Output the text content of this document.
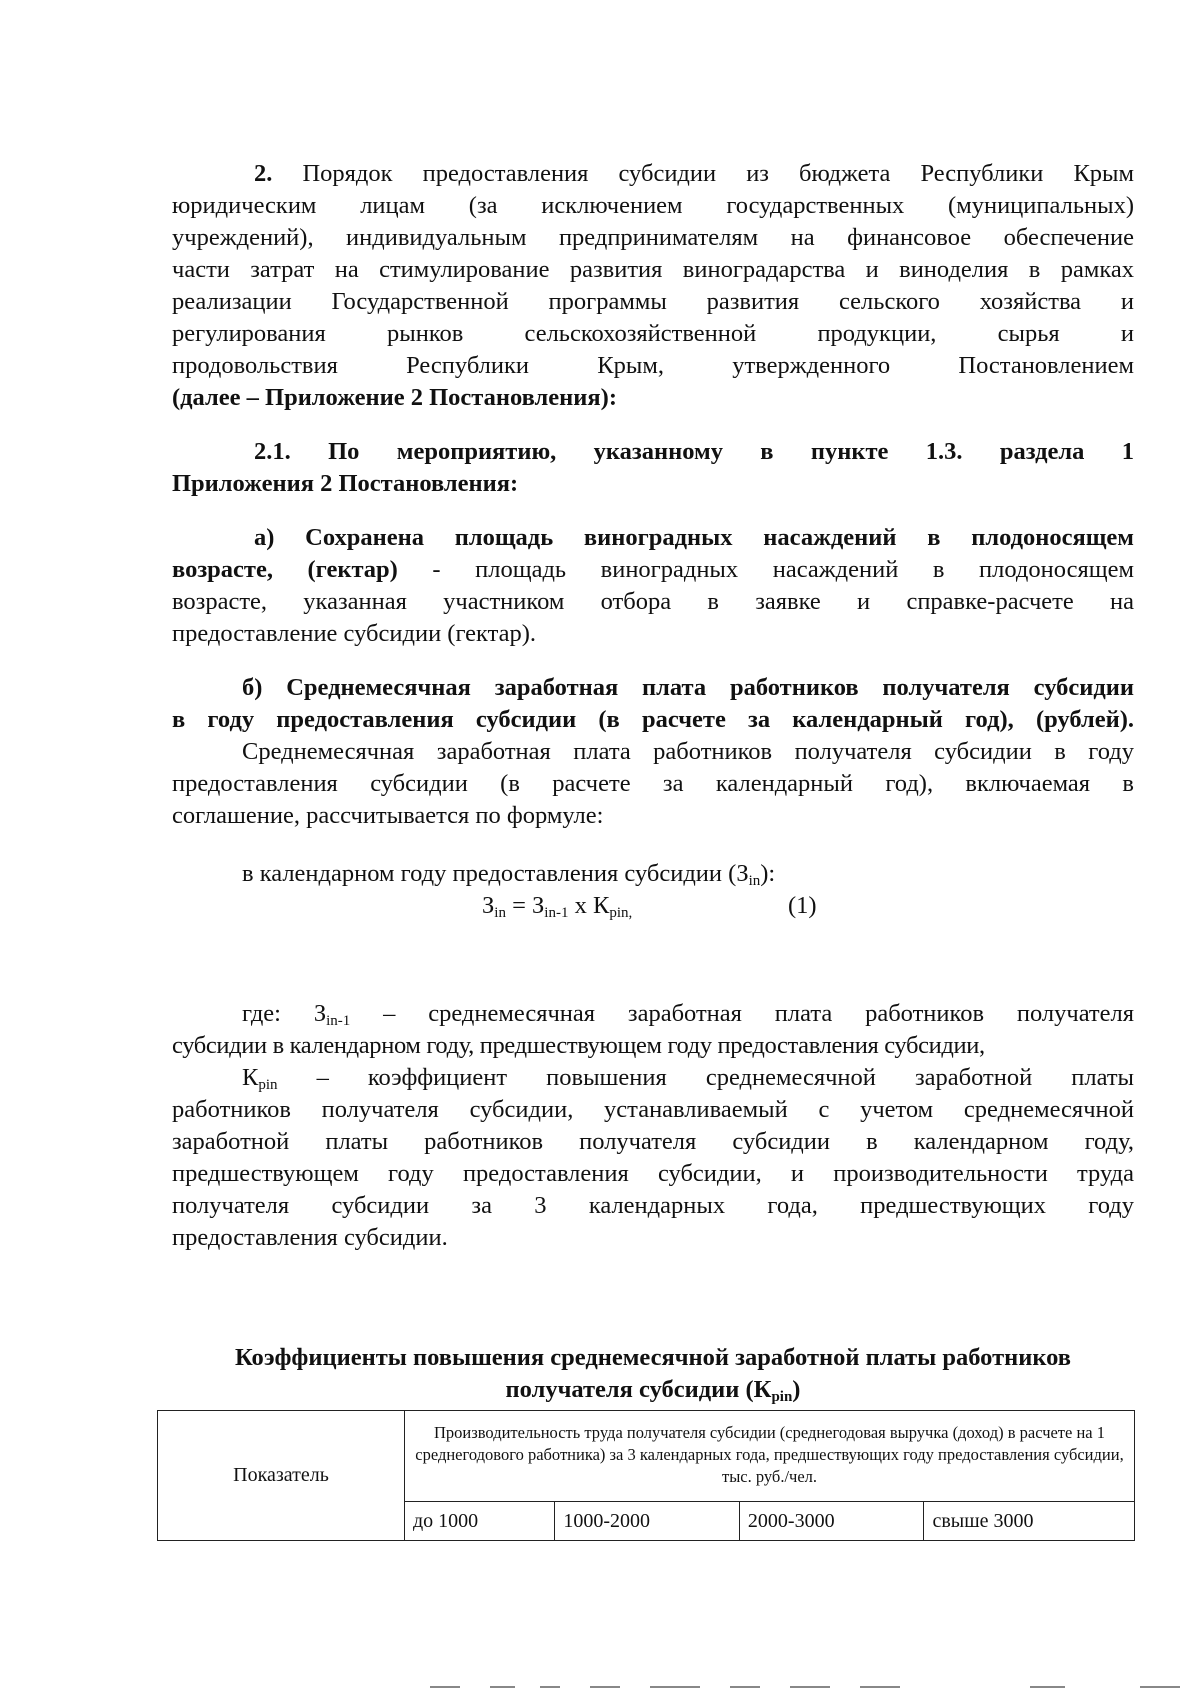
2. Порядок предоставления субсидии из бюджета Республики Крым
юридическим лицам (за исключением государственных (муниципальных)
учреждений), индивидуальным предпринимателям на финансовое обеспечение
части затрат на стимулирование развития виноградарства и виноделия в рамках
реализации Государственной программы развития сельского хозяйства и
регулирования рынков сельскохозяйственной продукции, сырья и
продовольствия Республики Крым, утвержденного Постановлением
(далее – Приложение 2 Постановления):
2.1. По мероприятию, указанному в пункте 1.3. раздела 1
Приложения 2 Постановления:
а) Сохранена площадь виноградных насаждений в плодоносящем
возрасте, (гектар) - площадь виноградных насаждений в плодоносящем
возрасте, указанная участником отбора в заявке и справке-расчете на
предоставление субсидии (гектар).
б) Среднемесячная заработная плата работников получателя субсидии
в году предоставления субсидии (в расчете за календарный год), (рублей).
Среднемесячная заработная плата работников получателя субсидии в году
предоставления субсидии (в расчете за календарный год), включаемая в
соглашение, рассчитывается по формуле:
в календарном году предоставления субсидии $(З_{in})$:
$З_{in} = З_{in-1}$ х $К_{pin,}$	(1)
где: $З_{in-1}$ – среднемесячная заработная плата работников получателя
субсидии в календарном году, предшествующем году предоставления субсидии,
$К_{pin}$ – коэффициент повышения среднемесячной заработной платы
работников получателя субсидии, устанавливаемый с учетом среднемесячной
заработной платы работников получателя субсидии в календарном году,
предшествующем году предоставления субсидии, и производительности труда
получателя субсидии за 3 календарных года, предшествующих году
предоставления субсидии.
Коэффициенты повышения среднемесячной заработной платы работников
получателя субсидии $(К_{pin})$
Показатель	Производительность труда получателя субсидии (среднегодовая выручка (доход) в расчете на 1 среднегодового работника) за 3 календарных года, предшествующих году предоставления субсидии, тыс. руб./чел.			
	до 1000	1000-2000	2000-3000	свыше 3000
